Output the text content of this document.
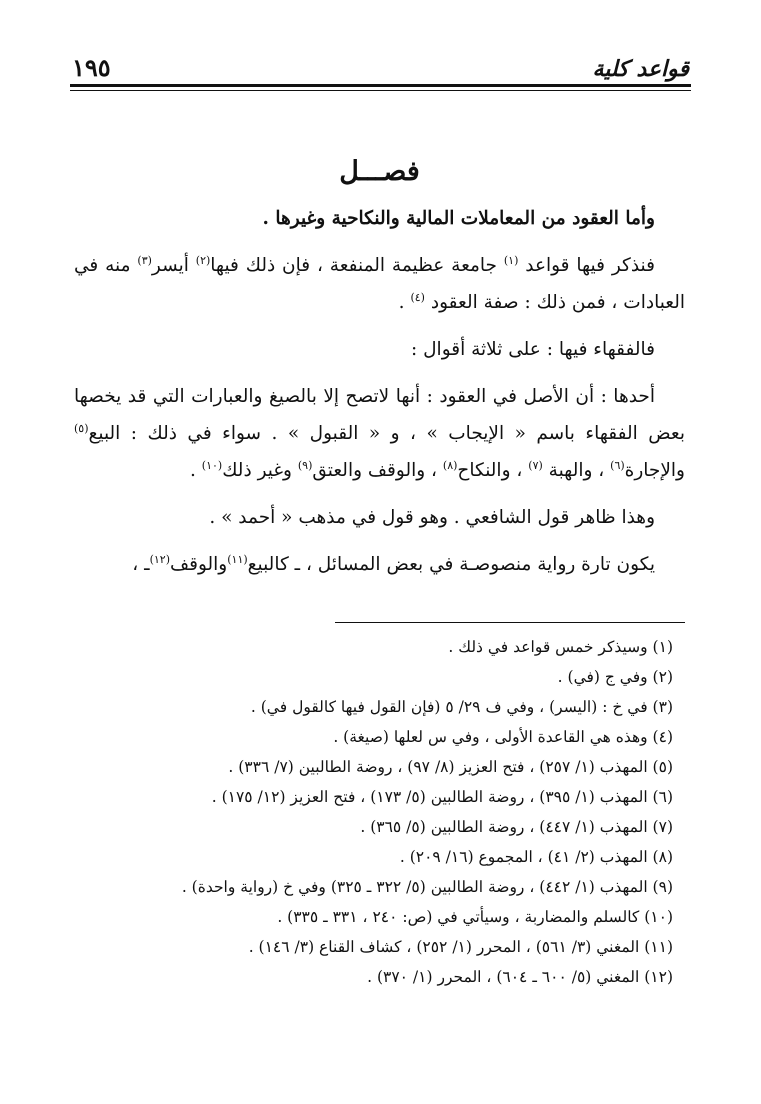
قواعد كلية
١٩٥
فصـــل

وأما العقود من المعاملات المالية والنكاحية وغيرها .

فنذكر فيها قواعد $^{(١)}$ جامعة عظيمة المنفعة ، فإن ذلك فيها$^{(٢)}$ أيسر$^{(٣)}$ منه في العبادات ، فمن ذلك : صفة العقود $^{(٤)}$ .

فالفقهاء فيها : على ثلاثة أقوال :

أحدها : أن الأصل في العقود : أنها لاتصح إلا بالصيغ والعبارات التي قد يخصها بعض الفقهاء باسم « الإيجاب » ، و « القبول » . سواء في ذلك : البيع$^{(٥)}$ والإجارة$^{(٦)}$ ، والهبة $^{(٧)}$ ، والنكاح$^{(٨)}$ ، والوقف والعتق$^{(٩)}$ وغير ذلك$^{(١٠)}$ .

وهذا ظاهر قول الشافعي . وهو قول في مذهب « أحمد » .

يكون تارة رواية منصوصـة في بعض المسائل ، ـ كالبيع$^{(١١)}$والوقف$^{(١٢)}$ـ ،

(١) وسيذكر خمس قواعد في ذلك .
(٢) وفي ج (في) .
(٣) في خ : (اليسر) ، وفي ف ٢٩/ ٥ (فإن القول فيها كالقول في) .
(٤) وهذه هي القاعدة الأولى ، وفي س لعلها (صيغة) .
(٥) المهذب (١/ ٢٥٧) ، فتح العزيز (٨/ ٩٧) ، روضة الطالبين (٧/ ٣٣٦) .
(٦) المهذب (١/ ٣٩٥) ، روضة الطالبين (٥/ ١٧٣) ، فتح العزيز (١٢/ ١٧٥) .
(٧) المهذب (١/ ٤٤٧) ، روضة الطالبين (٥/ ٣٦٥) .
(٨) المهذب (٢/ ٤١) ، المجموع (١٦/ ٢٠٩) .
(٩) المهذب (١/ ٤٤٢) ، روضة الطالبين (٥/ ٣٢٢ ـ ٣٢٥) وفي خ (رواية واحدة) .
(١٠) كالسلم والمضاربة ، وسيأتي في (ص: ٢٤٠ ، ٣٣١ ـ ٣٣٥) .
(١١) المغني (٣/ ٥٦١) ، المحرر (١/ ٢٥٢) ، كشاف القناع (٣/ ١٤٦) .
(١٢) المغني (٥/ ٦٠٠ ـ ٦٠٤) ، المحرر (١/ ٣٧٠) .
